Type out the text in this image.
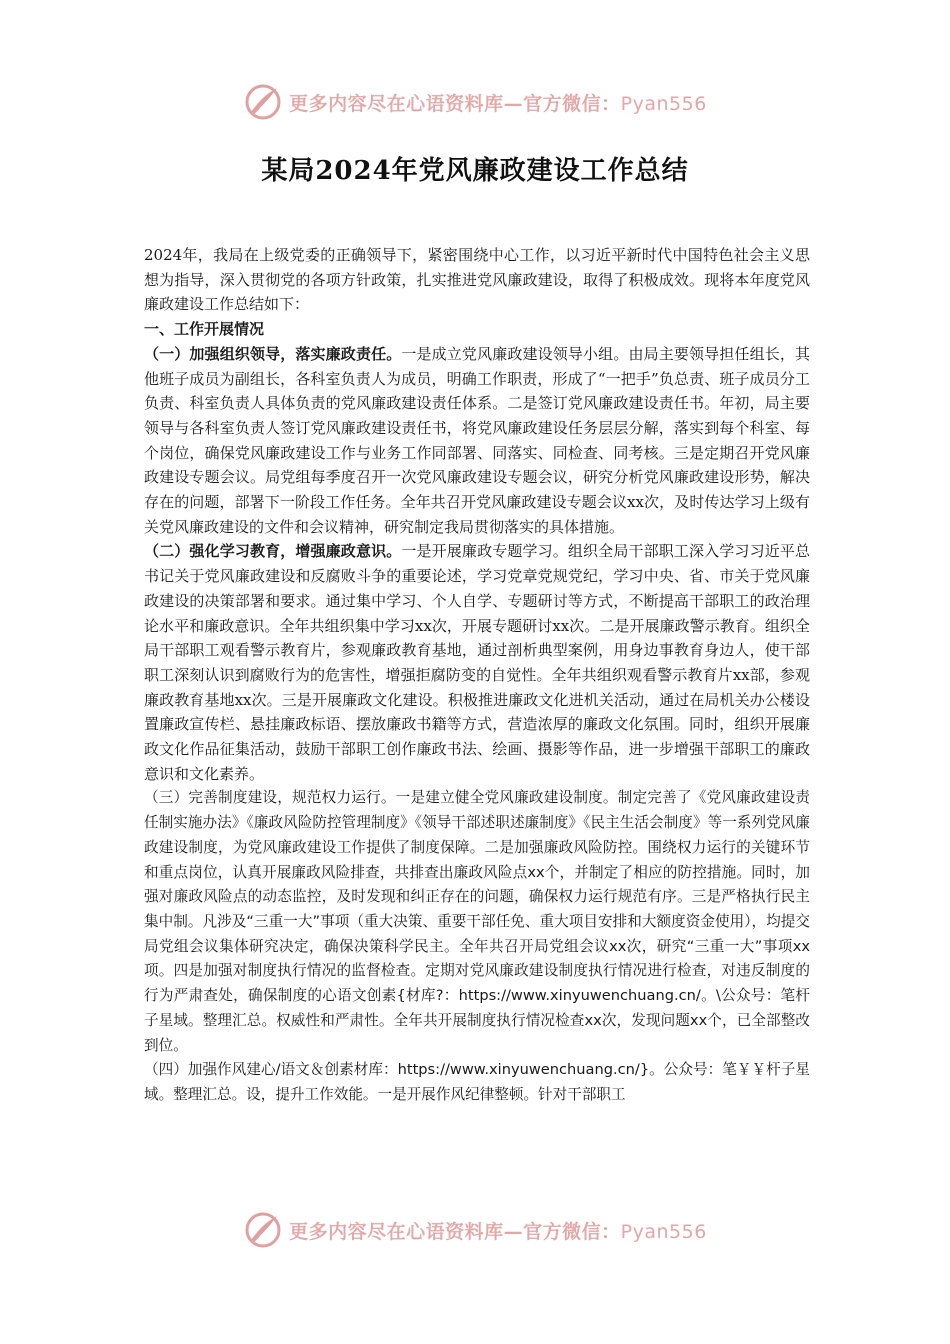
更多内容尽在心语资料库—官方微信：Pyan556
某局2024年党风廉政建设工作总结

2024年，我局在上级党委的正确领导下，紧密围绕中心工作，以习近平新时代中国特色社会主义思想为指导，深入贯彻党的各项方针政策，扎实推进党风廉政建设，取得了积极成效。现将本年度党风廉政建设工作总结如下：

一、工作开展情况

（一）加强组织领导，落实廉政责任。一是成立党风廉政建设领导小组。由局主要领导担任组长，其他班子成员为副组长，各科室负责人为成员，明确工作职责，形成了“一把手”负总责、班子成员分工负责、科室负责人具体负责的党风廉政建设责任体系。二是签订党风廉政建设责任书。年初，局主要领导与各科室负责人签订党风廉政建设责任书，将党风廉政建设任务层层分解，落实到每个科室、每个岗位，确保党风廉政建设工作与业务工作同部署、同落实、同检查、同考核。三是定期召开党风廉政建设专题会议。局党组每季度召开一次党风廉政建设专题会议，研究分析党风廉政建设形势，解决存在的问题，部署下一阶段工作任务。全年共召开党风廉政建设专题会议xx次，及时传达学习上级有关党风廉政建设的文件和会议精神，研究制定我局贯彻落实的具体措施。

（二）强化学习教育，增强廉政意识。一是开展廉政专题学习。组织全局干部职工深入学习习近平总书记关于党风廉政建设和反腐败斗争的重要论述，学习党章党规党纪，学习中央、省、市关于党风廉政建设的决策部署和要求。通过集中学习、个人自学、专题研讨等方式，不断提高干部职工的政治理论水平和廉政意识。全年共组织集中学习xx次，开展专题研讨xx次。二是开展廉政警示教育。组织全局干部职工观看警示教育片，参观廉政教育基地，通过剖析典型案例，用身边事教育身边人，使干部职工深刻认识到腐败行为的危害性，增强拒腐防变的自觉性。全年共组织观看警示教育片xx部，参观廉政教育基地xx次。三是开展廉政文化建设。积极推进廉政文化进机关活动，通过在局机关办公楼设置廉政宣传栏、悬挂廉政标语、摆放廉政书籍等方式，营造浓厚的廉政文化氛围。同时，组织开展廉政文化作品征集活动，鼓励干部职工创作廉政书法、绘画、摄影等作品，进一步增强干部职工的廉政意识和文化素养。

（三）完善制度建设，规范权力运行。一是建立健全党风廉政建设制度。制定完善了《党风廉政建设责任制实施办法》《廉政风险防控管理制度》《领导干部述职述廉制度》《民主生活会制度》等一系列党风廉政建设制度，为党风廉政建设工作提供了制度保障。二是加强廉政风险防控。围绕权力运行的关键环节和重点岗位，认真开展廉政风险排查，共排查出廉政风险点xx个，并制定了相应的防控措施。同时，加强对廉政风险点的动态监控，及时发现和纠正存在的问题，确保权力运行规范有序。三是严格执行民主集中制。凡涉及“三重一大”事项（重大决策、重要干部任免、重大项目安排和大额度资金使用），均提交局党组会议集体研究决定，确保决策科学民主。全年共召开局党组会议xx次，研究“三重一大”事项xx项。四是加强对制度执行情况的监督检查。定期对党风廉政建设制度执行情况进行检查，对违反制度的行为严肃查处，确保制度的心语文创素{材库?：https://www.xinyuwenchuang.cn/。\公众号：笔杆子星域。整理汇总。权威性和严肃性。全年共开展制度执行情况检查xx次，发现问题xx个，已全部整改到位。

（四）加强作风建心/语文＆创素材库：https://www.xinyuwenchuang.cn/}。公众号：笔￥￥杆子星域。整理汇总。设，提升工作效能。一是开展作风纪律整顿。针对干部职工

更多内容尽在心语资料库—官方微信：Pyan556
